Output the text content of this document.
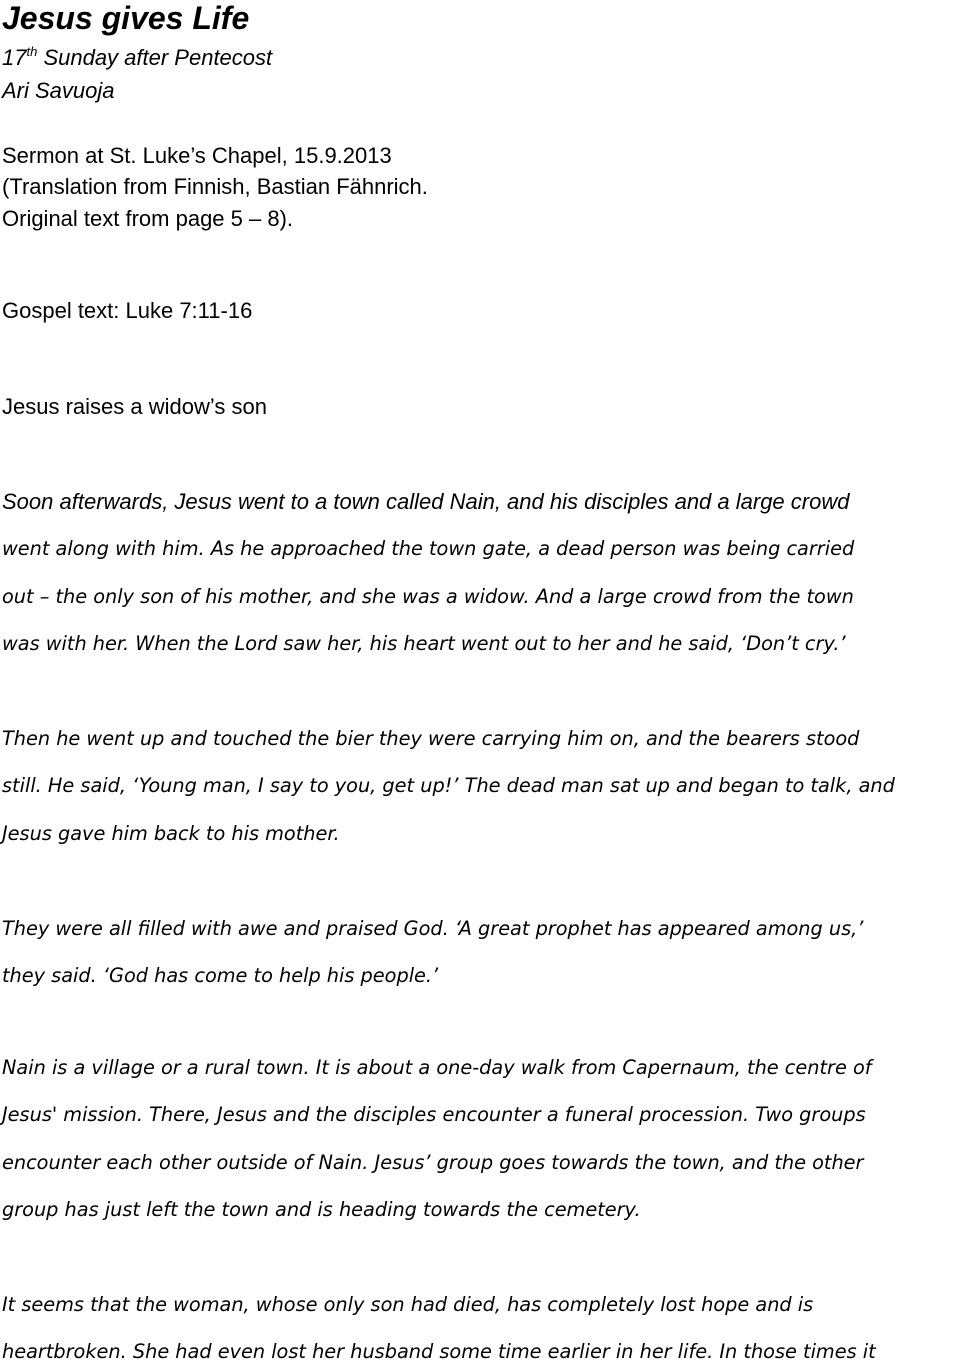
Jesus gives Life
17th Sunday after Pentecost
Ari Savuoja
Sermon at St. Luke’s Chapel, 15.9.2013
(Translation from Finnish, Bastian Fähnrich.
Original text from page 5 – 8).
Gospel text: Luke 7:11-16
Jesus raises a widow’s son
Soon afterwards, Jesus went to a town called Nain, and his disciples and a large crowd
went along with him. As he approached the town gate, a dead person was being carried
out – the only son of his mother, and she was a widow. And a large crowd from the town
was with her. When the Lord saw her, his heart went out to her and he said, ‘Don’t cry.’
Then he went up and touched the bier they were carrying him on, and the bearers stood
still. He said, ‘Young man, I say to you, get up!’ The dead man sat up and began to talk, and
Jesus gave him back to his mother.
They were all filled with awe and praised God. ‘A great prophet has appeared among us,’
they said. ‘God has come to help his people.’
Nain is a village or a rural town. It is about a one-day walk from Capernaum, the centre of
Jesus' mission. There, Jesus and the disciples encounter a funeral procession. Two groups
encounter each other outside of Nain. Jesus’ group goes towards the town, and the other
group has just left the town and is heading towards the cemetery.
It seems that the woman, whose only son had died, has completely lost hope and is
heartbroken. She had even lost her husband some time earlier in her life. In those times it
